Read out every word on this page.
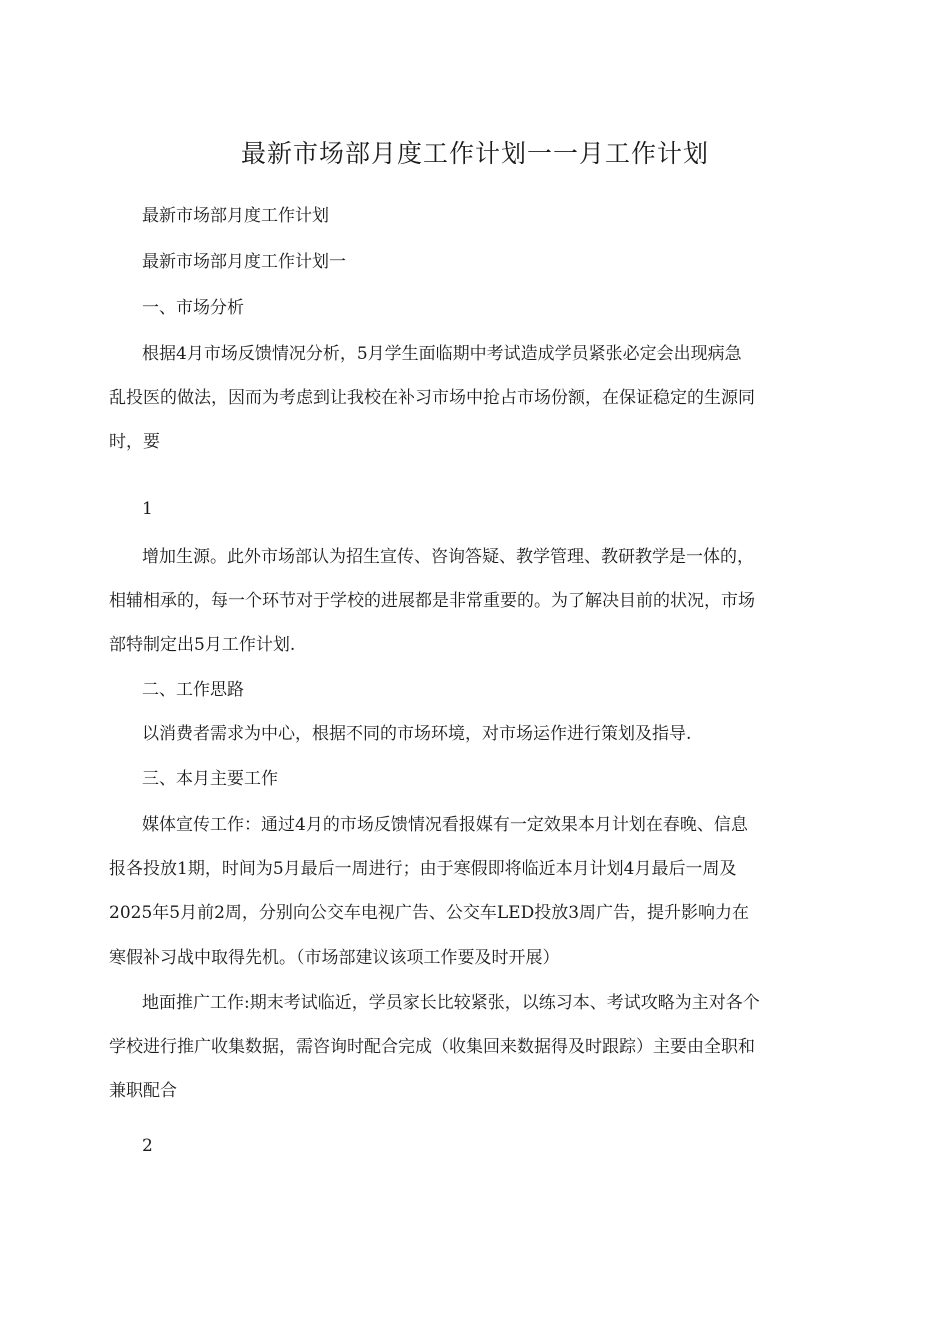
最新市场部月度工作计划一一月工作计划
最新市场部月度工作计划
最新市场部月度工作计划一
一、市场分析
根据4月市场反馈情况分析，5月学生面临期中考试造成学员紧张必定会出现病急
乱投医的做法，因而为考虑到让我校在补习市场中抢占市场份额，在保证稳定的生源同
时，要
1
增加生源。此外市场部认为招生宣传、咨询答疑、教学管理、教研教学是一体的，
相辅相承的，每一个环节对于学校的进展都是非常重要的。为了解决目前的状况，市场
部特制定出5月工作计划.
二、工作思路
以消费者需求为中心，根据不同的市场环境，对市场运作进行策划及指导.
三、本月主要工作
媒体宣传工作：通过4月的市场反馈情况看报媒有一定效果本月计划在春晚、信息
报各投放1期，时间为5月最后一周进行；由于寒假即将临近本月计划4月最后一周及
2025年5月前2周，分别向公交车电视广告、公交车LED投放3周广告，提升影响力在
寒假补习战中取得先机。（市场部建议该项工作要及时开展）
地面推广工作:期末考试临近，学员家长比较紧张，以练习本、考试攻略为主对各个
学校进行推广收集数据，需咨询时配合完成（收集回来数据得及时跟踪）主要由全职和
兼职配合
2
